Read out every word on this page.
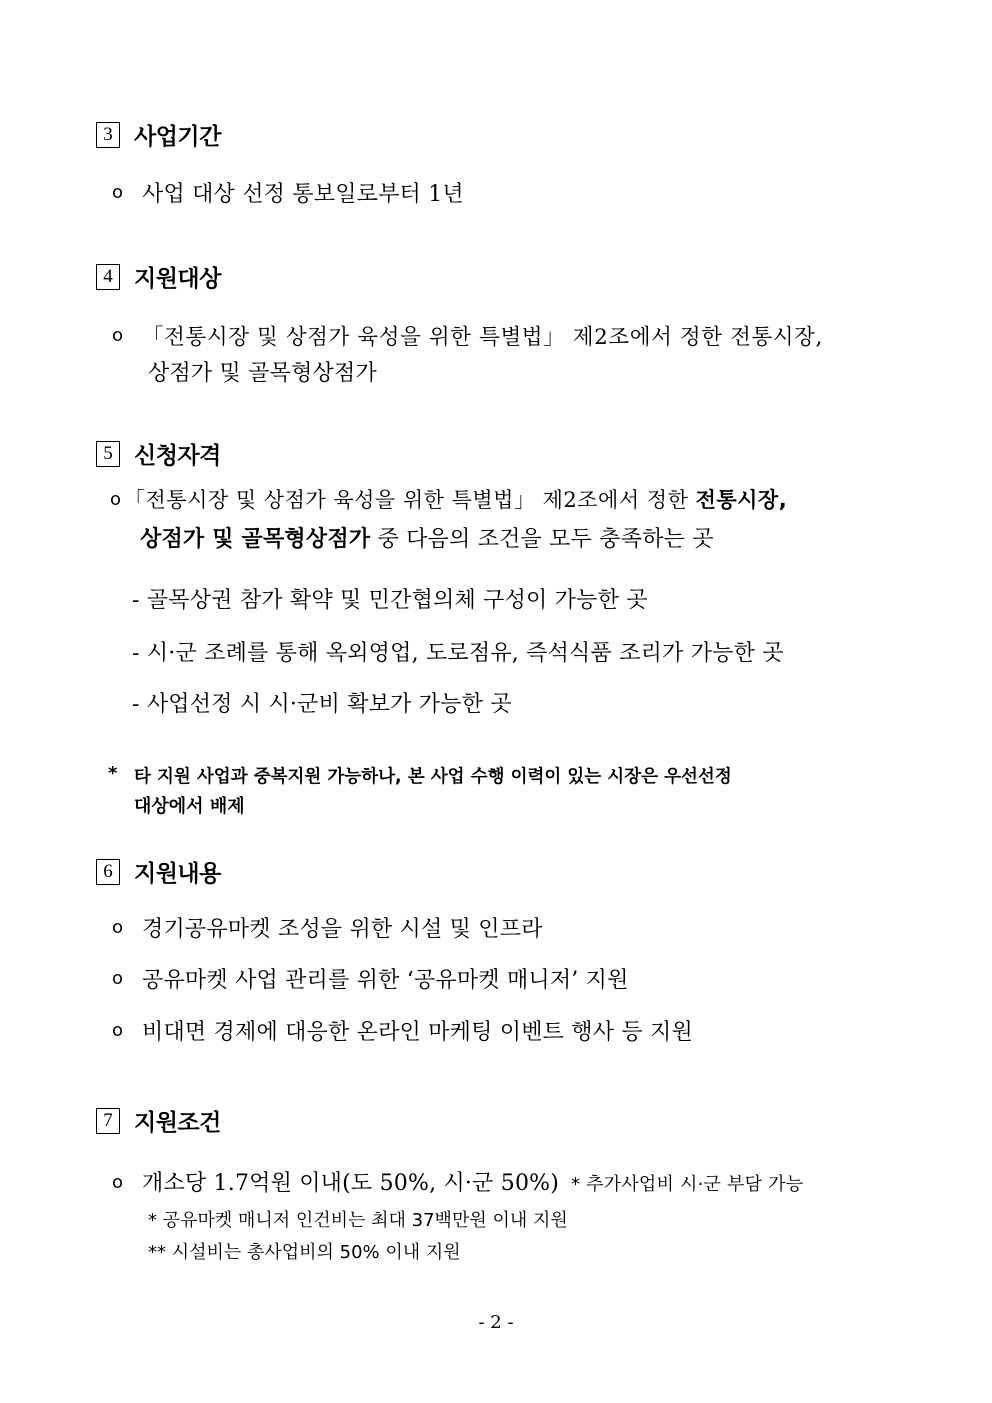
3 사업기간
ο 사업 대상 선정 통보일로부터 1년
4 지원대상
ο 「전통시장 및 상점가 육성을 위한 특별법」 제2조에서 정한 전통시장,
상점가 및 골목형상점가
5 신청자격
ο 「전통시장 및 상점가 육성을 위한 특별법」 제2조에서 정한 전통시장,
상점가 및 골목형상점가 중 다음의 조건을 모두 충족하는 곳
- 골목상권 참가 확약 및 민간협의체 구성이 가능한 곳
- 시·군 조례를 통해 옥외영업, 도로점유, 즉석식품 조리가 가능한 곳
- 사업선정 시 시·군비 확보가 가능한 곳
* 타 지원 사업과 중복지원 가능하나, 본 사업 수행 이력이 있는 시장은 우선선정
대상에서 배제
6 지원내용
ο 경기공유마켓 조성을 위한 시설 및 인프라
ο 공유마켓 사업 관리를 위한 ‘공유마켓 매니저’ 지원
ο 비대면 경제에 대응한 온라인 마케팅 이벤트 행사 등 지원
7 지원조건
ο 개소당 1.7억원 이내(도 50%, 시·군 50%) * 추가사업비 시·군 부담 가능
* 공유마켓 매니저 인건비는 최대 37백만원 이내 지원
** 시설비는 총사업비의 50% 이내 지원
- 2 -
